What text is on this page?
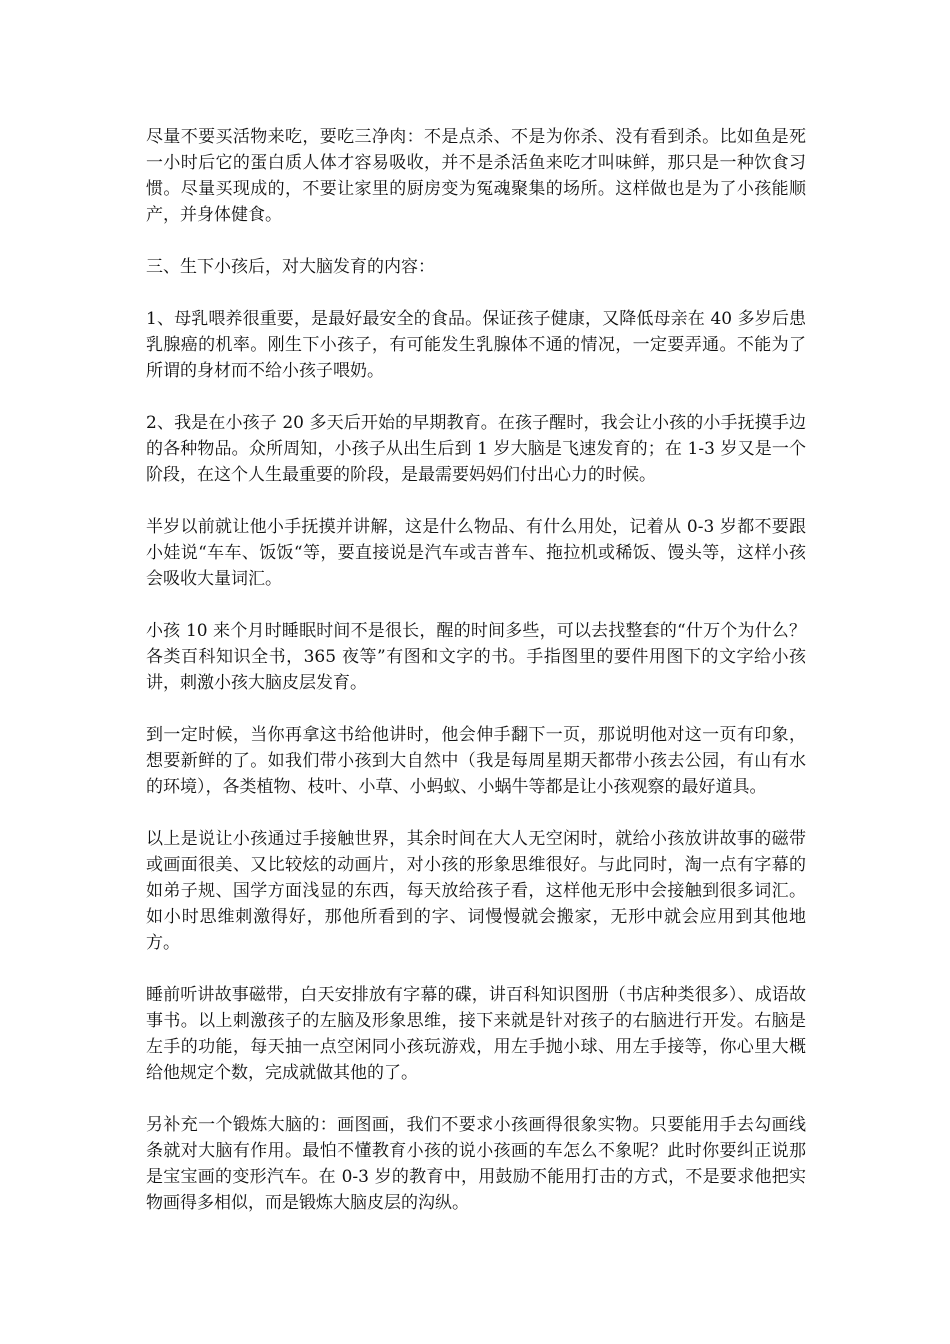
尽量不要买活物来吃，要吃三净肉：不是点杀、不是为你杀、没有看到杀。比如鱼是死一小时后它的蛋白质人体才容易吸收，并不是杀活鱼来吃才叫味鲜，那只是一种饮食习惯。尽量买现成的，不要让家里的厨房变为冤魂聚集的场所。这样做也是为了小孩能顺产，并身体健食。

三、生下小孩后，对大脑发育的内容：

1、母乳喂养很重要，是最好最安全的食品。保证孩子健康，又降低母亲在 40 多岁后患乳腺癌的机率。刚生下小孩子，有可能发生乳腺体不通的情况，一定要弄通。不能为了所谓的身材而不给小孩子喂奶。

2、我是在小孩子 20 多天后开始的早期教育。在孩子醒时，我会让小孩的小手抚摸手边的各种物品。众所周知，小孩子从出生后到 1 岁大脑是飞速发育的；在 1-3 岁又是一个阶段，在这个人生最重要的阶段，是最需要妈妈们付出心力的时候。

半岁以前就让他小手抚摸并讲解，这是什么物品、有什么用处，记着从 0-3 岁都不要跟小娃说“车车、饭饭“等，要直接说是汽车或吉普车、拖拉机或稀饭、馒头等，这样小孩会吸收大量词汇。

小孩 10 来个月时睡眠时间不是很长，醒的时间多些，可以去找整套的“什万个为什么？各类百科知识全书，365 夜等”有图和文字的书。手指图里的要件用图下的文字给小孩讲，刺激小孩大脑皮层发育。

到一定时候，当你再拿这书给他讲时，他会伸手翻下一页，那说明他对这一页有印象，想要新鲜的了。如我们带小孩到大自然中（我是每周星期天都带小孩去公园，有山有水的环境），各类植物、枝叶、小草、小蚂蚁、小蜗牛等都是让小孩观察的最好道具。

以上是说让小孩通过手接触世界，其余时间在大人无空闲时，就给小孩放讲故事的磁带或画面很美、又比较炫的动画片，对小孩的形象思维很好。与此同时，淘一点有字幕的如弟子规、国学方面浅显的东西，每天放给孩子看，这样他无形中会接触到很多词汇。如小时思维刺激得好，那他所看到的字、词慢慢就会搬家，无形中就会应用到其他地方。

睡前听讲故事磁带，白天安排放有字幕的碟，讲百科知识图册（书店种类很多）、成语故事书。以上刺激孩子的左脑及形象思维，接下来就是针对孩子的右脑进行开发。右脑是左手的功能，每天抽一点空闲同小孩玩游戏，用左手抛小球、用左手接等，你心里大概给他规定个数，完成就做其他的了。

另补充一个锻炼大脑的：画图画，我们不要求小孩画得很象实物。只要能用手去勾画线条就对大脑有作用。最怕不懂教育小孩的说小孩画的车怎么不象呢？此时你要纠正说那是宝宝画的变形汽车。在 0-3 岁的教育中，用鼓励不能用打击的方式，不是要求他把实物画得多相似，而是锻炼大脑皮层的沟纵。
